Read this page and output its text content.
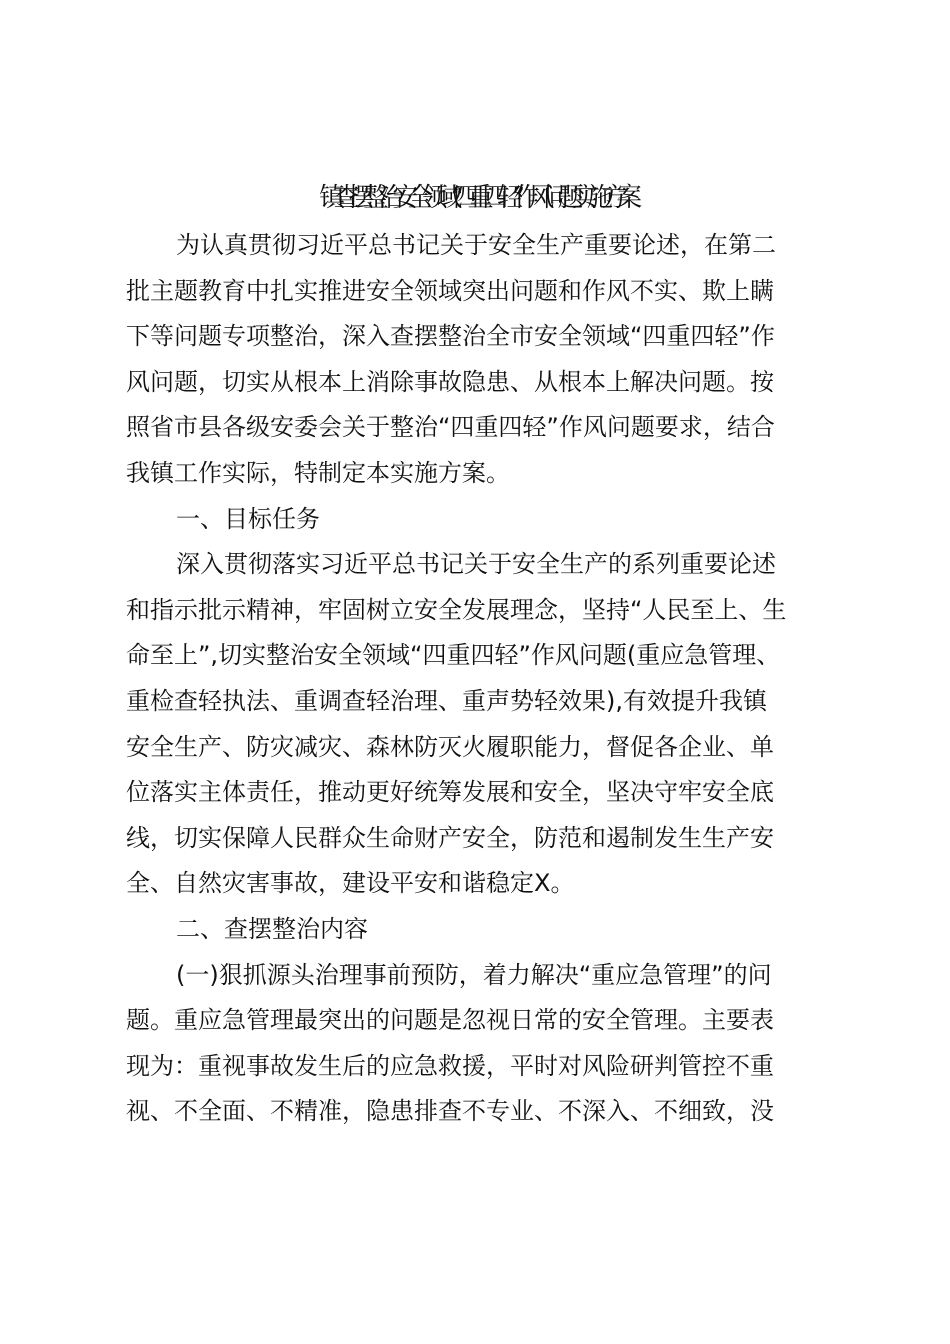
镇查摆整治安全领域“四重四轻”作风问题实施方案
为认真贯彻习近平总书记关于安全生产重要论述，在第二
批主题教育中扎实推进安全领域突出问题和作风不实、欺上瞒
下等问题专项整治，深入查摆整治全市安全领域“四重四轻”作
风问题，切实从根本上消除事故隐患、从根本上解决问题。按
照省市县各级安委会关于整治“四重四轻”作风问题要求，结合
我镇工作实际，特制定本实施方案。
一、目标任务
深入贯彻落实习近平总书记关于安全生产的系列重要论述
和指示批示精神，牢固树立安全发展理念，坚持“人民至上、生
命至上”,切实整治安全领域“四重四轻”作风问题(重应急管理、
重检查轻执法、重调查轻治理、重声势轻效果),有效提升我镇
安全生产、防灾减灾、森林防灭火履职能力，督促各企业、单
位落实主体责任，推动更好统筹发展和安全，坚决守牢安全底
线，切实保障人民群众生命财产安全，防范和遏制发生生产安
全、自然灾害事故，建设平安和谐稳定X。
二、查摆整治内容
(一)狠抓源头治理事前预防，着力解决“重应急管理”的问
题。重应急管理最突出的问题是忽视日常的安全管理。主要表
现为：重视事故发生后的应急救援，平时对风险研判管控不重
视、不全面、不精准，隐患排查不专业、不深入、不细致，没
